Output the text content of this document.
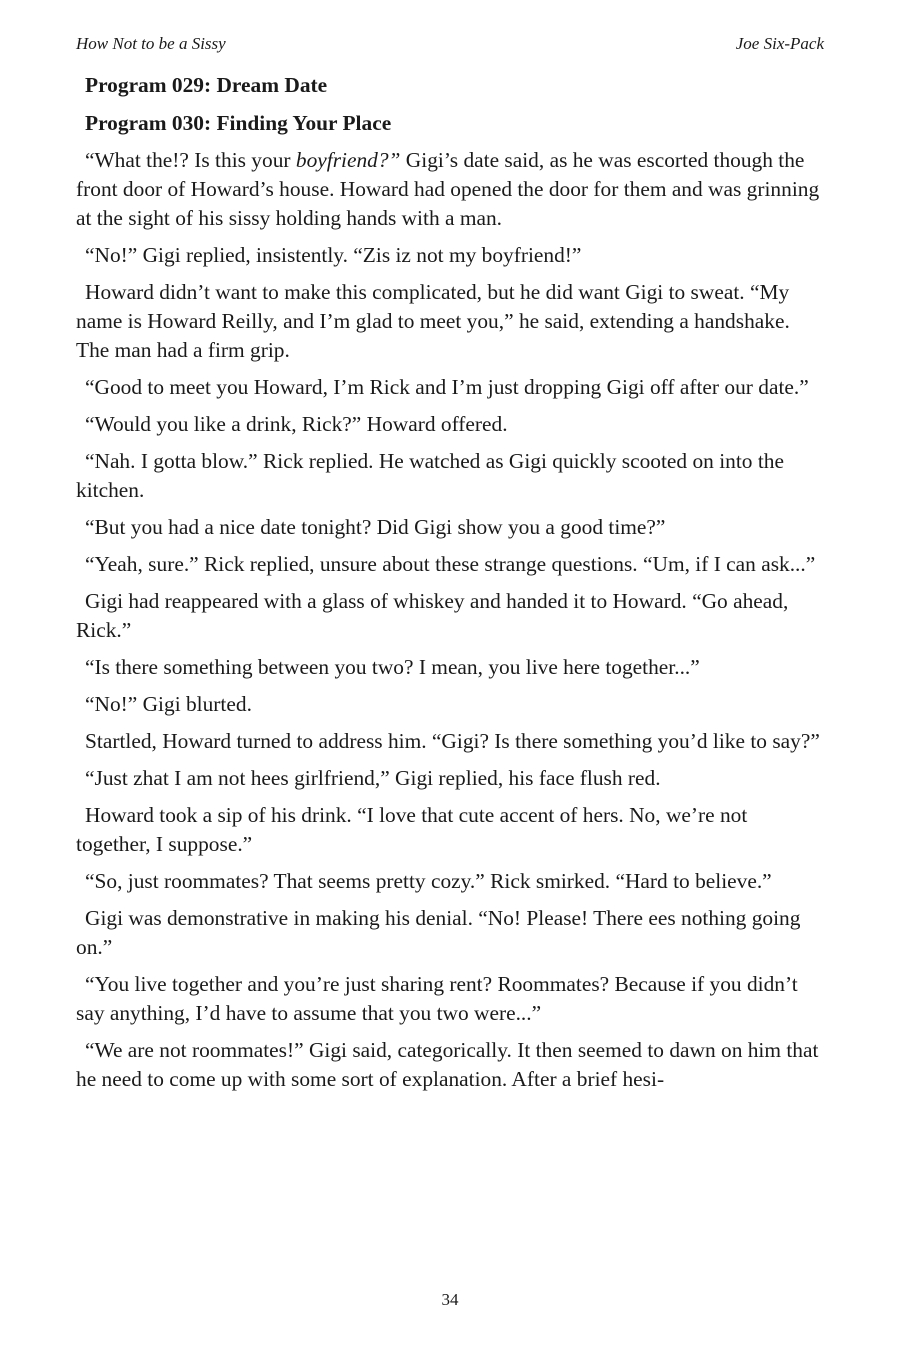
How Not to be a Sissy	Joe Six-Pack

Program 029: Dream Date

Program 030: Finding Your Place

“What the!? Is this your boyfriend?” Gigi’s date said, as he was escorted though the front door of Howard’s house. Howard had opened the door for them and was grinning at the sight of his sissy holding hands with a man.

“No!” Gigi replied, insistently. “Zis iz not my boyfriend!”

Howard didn’t want to make this complicated, but he did want Gigi to sweat. “My name is Howard Reilly, and I’m glad to meet you,” he said, extending a handshake. The man had a firm grip.

“Good to meet you Howard, I’m Rick and I’m just dropping Gigi off after our date.”

“Would you like a drink, Rick?” Howard offered.

“Nah. I gotta blow.” Rick replied. He watched as Gigi quickly scooted on into the kitchen.

“But you had a nice date tonight? Did Gigi show you a good time?”

“Yeah, sure.” Rick replied, unsure about these strange questions. “Um, if I can ask...”

Gigi had reappeared with a glass of whiskey and handed it to Howard. “Go ahead, Rick.”

“Is there something between you two? I mean, you live here together...”

“No!” Gigi blurted.

Startled, Howard turned to address him. “Gigi? Is there something you’d like to say?”

“Just zhat I am not hees girlfriend,” Gigi replied, his face flush red.

Howard took a sip of his drink. “I love that cute accent of hers. No, we’re not together, I suppose.”

“So, just roommates? That seems pretty cozy.” Rick smirked. “Hard to believe.”

Gigi was demonstrative in making his denial. “No! Please! There ees nothing going on.”

“You live together and you’re just sharing rent? Roommates? Because if you didn’t say anything, I’d have to assume that you two were...”

“We are not roommates!” Gigi said, categorically. It then seemed to dawn on him that he need to come up with some sort of explanation. After a brief hesi-

34
